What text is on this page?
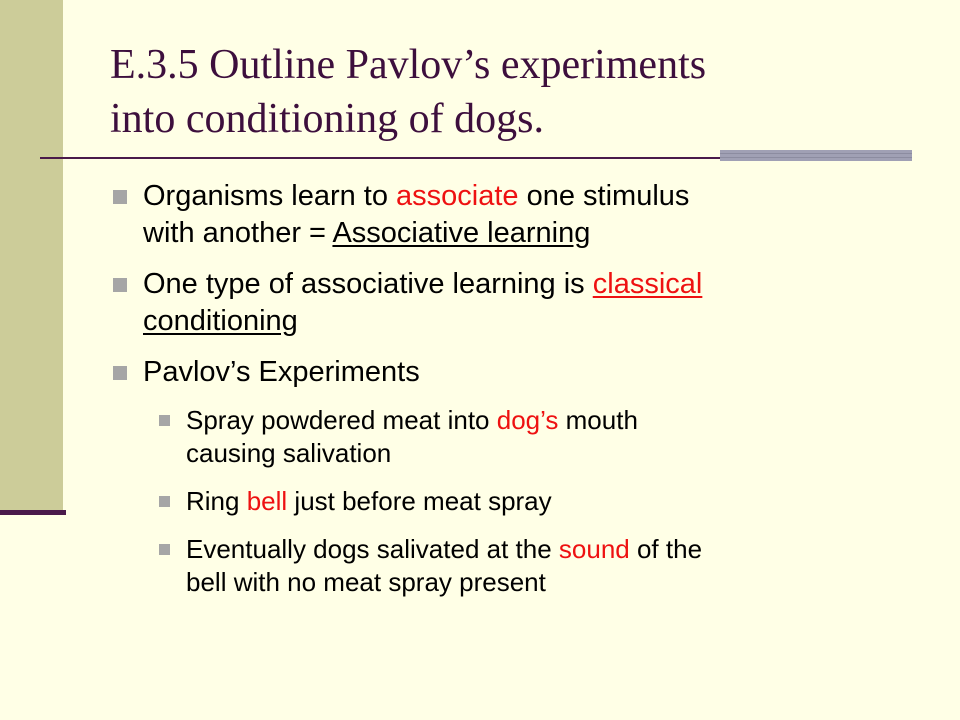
E.3.5 Outline Pavlov’s experiments
into conditioning of dogs.
Organisms learn to associate one stimulus
with another = Associative learning
One type of associative learning is classical
conditioning
Pavlov’s Experiments
Spray powdered meat into dog’s mouth
causing salivation
Ring bell just before meat spray
Eventually dogs salivated at the sound of the
bell with no meat spray present
